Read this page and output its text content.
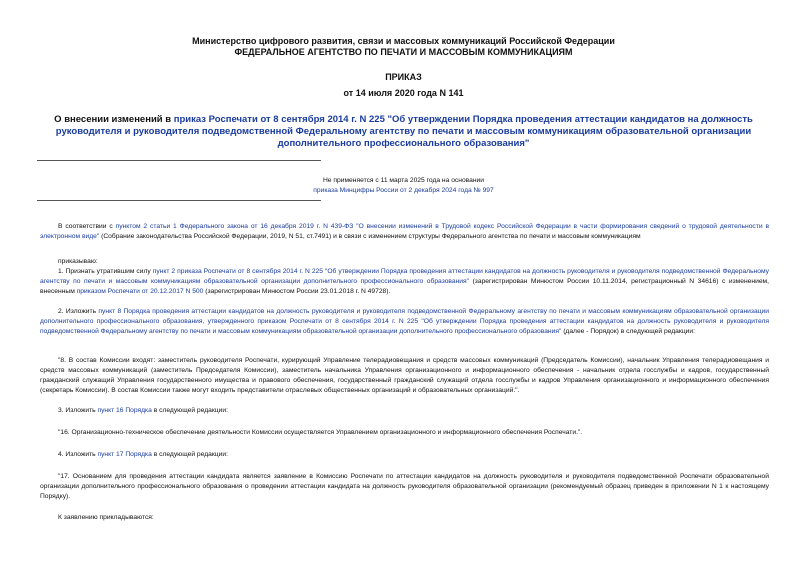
Министерство цифрового развития, связи и массовых коммуникаций Российской Федерации
ФЕДЕРАЛЬНОЕ АГЕНТСТВО ПО ПЕЧАТИ И МАССОВЫМ КОММУНИКАЦИЯМ
ПРИКАЗ
от 14 июля 2020 года N 141
О внесении изменений в приказ Роспечати от 8 сентября 2014 г. N 225 "Об утверждении Порядка проведения аттестации кандидатов на должность руководителя и руководителя подведомственной Федеральному агентству по печати и массовым коммуникациям образовательной организации дополнительного профессионального образования"
Не применяется с 11 марта 2025 года на основании
приказа Минцифры России от 2 декабря 2024 года № 997
В соответствии с пунктом 2 статьи 1 Федерального закона от 16 декабря 2019 г. N 439-ФЗ "О внесении изменений в Трудовой кодекс Российской Федерации в части формирования сведений о трудовой деятельности в электронном виде" (Собрание законодательства Российской Федерации, 2019, N 51, ст.7491) и в связи с изменением структуры Федерального агентства по печати и массовым коммуникациям
приказываю:
1. Признать утратившим силу пункт 2 приказа Роспечати от 8 сентября 2014 г. N 225 "Об утверждении Порядка проведения аттестации кандидатов на должность руководителя и руководителя подведомственной Федеральному агентству по печати и массовым коммуникациям образовательной организации дополнительного профессионального образования" (зарегистрирован Минюстом России 10.11.2014, регистрационный N 34616) с изменением, внесенным приказом Роспечати от 20.12.2017 N 500 (зарегистрирован Минюстом России 23.01.2018 г. N 49728).
2. Изложить пункт 8 Порядка проведения аттестации кандидатов на должность руководителя и руководителя подведомственной Федеральному агентству по печати и массовым коммуникациям образовательной организации дополнительного профессионального образования, утвержденного приказом Роспечати от 8 сентября 2014 г. N 225 "Об утверждении Порядка проведения аттестации кандидатов на должность руководителя и руководителя подведомственной Федеральному агентству по печати и массовым коммуникациям образовательной организации дополнительного профессионального образования" (далее - Порядок) в следующей редакции:
"8. В состав Комиссии входят: заместитель руководителя Роспечати, курирующий Управление телерадиовещания и средств массовых коммуникаций (Председатель Комиссии), начальник Управления телерадиовещания и средств массовых коммуникаций (заместитель Председателя Комиссии), заместитель начальника Управления организационного и информационного обеспечения - начальник отдела госслужбы и кадров, государственный гражданский служащий Управления государственного имущества и правового обеспечения, государственный гражданский служащий отдела госслужбы и кадров Управления организационного и информационного обеспечения (секретарь Комиссии). В состав Комиссии также могут входить представители отраслевых общественных организаций и образовательных организаций.".
3. Изложить пункт 16 Порядка в следующей редакции:
"16. Организационно-техническое обеспечение деятельности Комиссии осуществляется Управлением организационного и информационного обеспечения Роспечати.".
4. Изложить пункт 17 Порядка в следующей редакции:
"17. Основанием для проведения аттестации кандидата является заявление в Комиссию Роспечати по аттестации кандидатов на должность руководителя и руководителя подведомственной Роспечати образовательной организации дополнительного профессионального образования о проведении аттестации кандидата на должность руководителя образовательной организации (рекомендуемый образец приведен в приложении N 1 к настоящему Порядку).
К заявлению прикладываются:
